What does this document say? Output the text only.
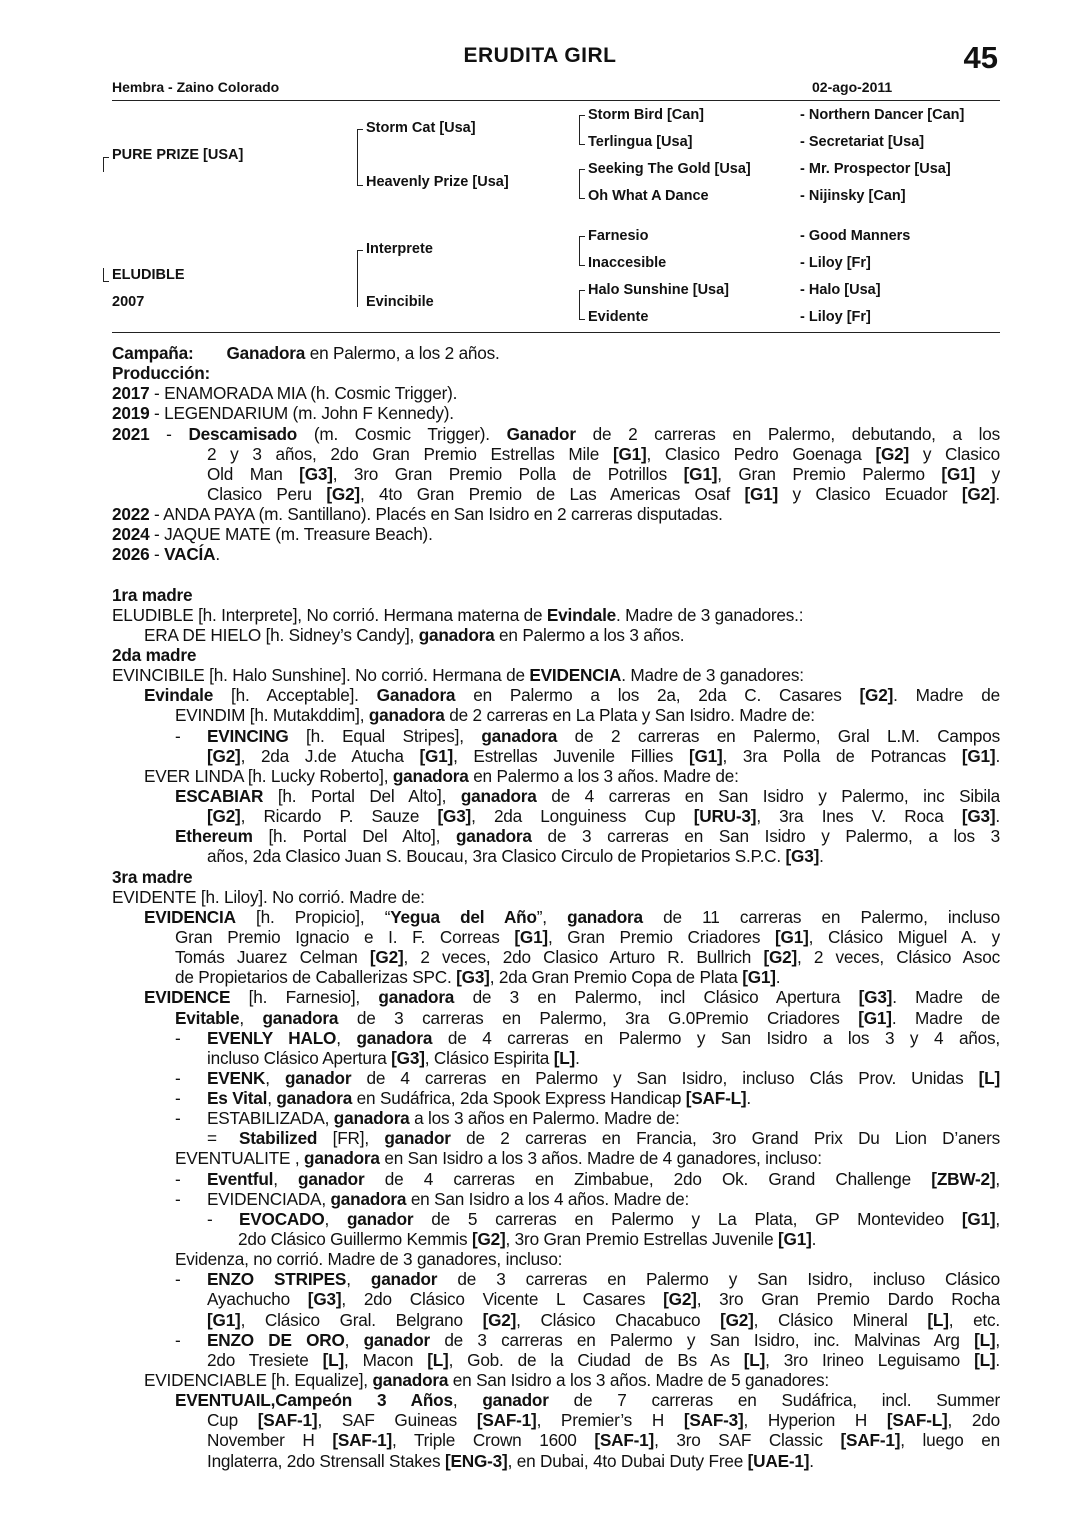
ERUDITA GIRL	45
Hembra - Zaino Colorado	02-ago-2011
PURE PRIZE [USA]
ELUDIBLE
2007
Storm Cat [Usa]
Heavenly Prize [Usa]
Interprete
Evincibile
Storm Bird [Can]
Terlingua [Usa]
Seeking The Gold [Usa]
Oh What A Dance
Farnesio
Inaccesible
Halo Sunshine [Usa]
Evidente
- Northern Dancer [Can]
- Secretariat [Usa]
- Mr. Prospector [Usa]
- Nijinsky [Can]
- Good Manners
- Liloy [Fr]
- Halo [Usa]
- Liloy [Fr]
Campaña: Ganadora en Palermo, a los 2 años.
Producción:
2017 - ENAMORADA MIA (h. Cosmic Trigger).
2019 - LEGENDARIUM (m. John F Kennedy).
2021 - Descamisado (m. Cosmic Trigger). Ganador de 2 carreras en Palermo, debutando, a los
2 y 3 años, 2do Gran Premio Estrellas Mile [G1], Clasico Pedro Goenaga [G2] y Clasico
Old Man [G3], 3ro Gran Premio Polla de Potrillos [G1], Gran Premio Palermo [G1] y
Clasico Peru [G2], 4to Gran Premio de Las Americas Osaf [G1] y Clasico Ecuador [G2].
2022 - ANDA PAYA (m. Santillano). Placés en San Isidro en 2 carreras disputadas.
2024 - JAQUE MATE (m. Treasure Beach).
2026 - VACÍA.
1ra madre
ELUDIBLE [h. Interprete], No corrió. Hermana materna de Evindale. Madre de 3 ganadores.:
ERA DE HIELO [h. Sidney’s Candy], ganadora en Palermo a los 3 años.
2da madre
EVINCIBILE [h. Halo Sunshine]. No corrió. Hermana de EVIDENCIA. Madre de 3 ganadores:
Evindale [h. Acceptable]. Ganadora en Palermo a los 2a, 2da C. Casares [G2]. Madre de
EVINDIM [h. Mutakddim], ganadora de 2 carreras en La Plata y San Isidro. Madre de:
- EVINCING [h. Equal Stripes], ganadora de 2 carreras en Palermo, Gral L.M. Campos
[G2], 2da J.de Atucha [G1], Estrellas Juvenile Fillies [G1], 3ra Polla de Potrancas [G1].
EVER LINDA [h. Lucky Roberto], ganadora en Palermo a los 3 años. Madre de:
ESCABIAR [h. Portal Del Alto], ganadora de 4 carreras en San Isidro y Palermo, inc Sibila
[G2], Ricardo P. Sauze [G3], 2da Longuiness Cup [URU-3], 3ra Ines V. Roca [G3].
Ethereum [h. Portal Del Alto], ganadora de 3 carreras en San Isidro y Palermo, a los 3
años, 2da Clasico Juan S. Boucau, 3ra Clasico Circulo de Propietarios S.P.C. [G3].
3ra madre
EVIDENTE [h. Liloy]. No corrió. Madre de:
EVIDENCIA [h. Propicio], “Yegua del Año”, ganadora de 11 carreras en Palermo, incluso
Gran Premio Ignacio e I. F. Correas [G1], Gran Premio Criadores [G1], Clásico Miguel A. y
Tomás Juarez Celman [G2], 2 veces, 2do Clasico Arturo R. Bullrich [G2], 2 veces, Clásico Asoc
de Propietarios de Caballerizas SPC. [G3], 2da Gran Premio Copa de Plata [G1].
EVIDENCE [h. Farnesio], ganadora de 3 en Palermo, incl Clásico Apertura [G3]. Madre de
Evitable, ganadora de 3 carreras en Palermo, 3ra G.0Premio Criadores [G1]. Madre de
- EVENLY HALO, ganadora de 4 carreras en Palermo y San Isidro a los 3 y 4 años,
incluso Clásico Apertura [G3], Clásico Espirita [L].
- EVENK, ganador de 4 carreras en Palermo y San Isidro, incluso Clás Prov. Unidas [L]
- Es Vital, ganadora en Sudáfrica, 2da Spook Express Handicap [SAF-L].
- ESTABILIZADA, ganadora a los 3 años en Palermo. Madre de:
= Stabilized [FR], ganador de 2 carreras en Francia, 3ro Grand Prix Du Lion D’aners
EVENTUALITE , ganadora en San Isidro a los 3 años. Madre de 4 ganadores, incluso:
- Eventful, ganador de 4 carreras en Zimbabue, 2do Ok. Grand Challenge [ZBW-2],
- EVIDENCIADA, ganadora en San Isidro a los 4 años. Madre de:
- EVOCADO, ganador de 5 carreras en Palermo y La Plata, GP Montevideo [G1],
2do Clásico Guillermo Kemmis [G2], 3ro Gran Premio Estrellas Juvenile [G1].
Evidenza, no corrió. Madre de 3 ganadores, incluso:
- ENZO STRIPES, ganador de 3 carreras en Palermo y San Isidro, incluso Clásico
Ayachucho [G3], 2do Clásico Vicente L Casares [G2], 3ro Gran Premio Dardo Rocha
[G1], Clásico Gral. Belgrano [G2], Clásico Chacabuco [G2], Clásico Mineral [L], etc.
- ENZO DE ORO, ganador de 3 carreras en Palermo y San Isidro, inc. Malvinas Arg [L],
2do Tresiete [L], Macon [L], Gob. de la Ciudad de Bs As [L], 3ro Irineo Leguisamo [L].
EVIDENCIABLE [h. Equalize], ganadora en San Isidro a los 3 años. Madre de 5 ganadores:
EVENTUAIL,Campeón 3 Años, ganador de 7 carreras en Sudáfrica, incl. Summer
Cup [SAF-1], SAF Guineas [SAF-1], Premier’s H [SAF-3], Hyperion H [SAF-L], 2do
November H [SAF-1], Triple Crown 1600 [SAF-1], 3ro SAF Classic [SAF-1], luego en
Inglaterra, 2do Strensall Stakes [ENG-3], en Dubai, 4to Dubai Duty Free [UAE-1].
